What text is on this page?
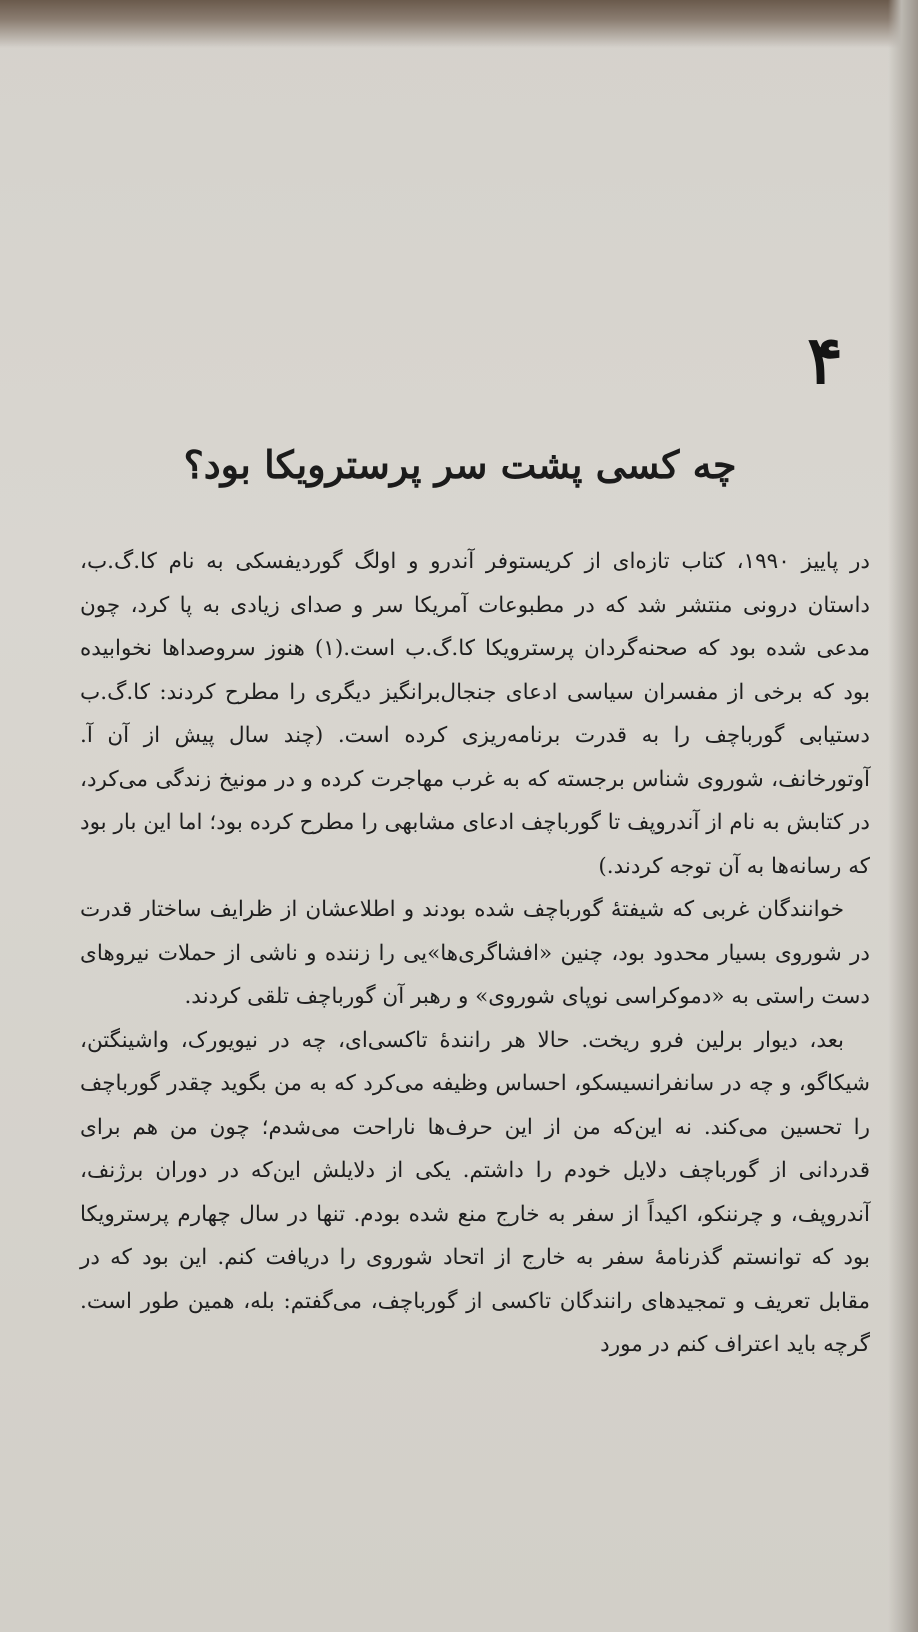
۴
چه کسی پشت سر پرسترویکا بود؟

در پاییز ۱۹۹۰، کتاب تازه‌ای از کریستوفر آندرو و اولگ گوردیفسکی به نام کا.گ.ب، داستان درونی منتشر شد که در مطبوعات آمریکا سر و صدای زیادی به پا کرد، چون مدعی شده بود که صحنه‌گردان پرسترویکا کا.گ.ب است.(۱) هنوز سروصداها نخوابیده بود که برخی از مفسران سیاسی ادعای جنجال‌برانگیز دیگری را مطرح کردند: کا.گ.ب دستیابی گورباچف را به قدرت برنامه‌ریزی کرده است. (چند سال پیش از آن آ. آوتورخانف، شوروی شناس برجسته که به غرب مهاجرت کرده و در مونیخ زندگی می‌کرد، در کتابش به نام از آندروپف تا گورباچف ادعای مشابهی را مطرح کرده بود؛ اما این بار بود که رسانه‌ها به آن توجه کردند.)

خوانندگان غربی که شیفتهٔ گورباچف شده بودند و اطلاعشان از ظرایف ساختار قدرت در شوروی بسیار محدود بود، چنین «افشاگری‌ها»یی را زننده و ناشی از حملات نیروهای دست راستی به «دموکراسی نوپای شوروی» و رهبر آن گورباچف تلقی کردند.

بعد، دیوار برلین فرو ریخت. حالا هر رانندهٔ تاکسی‌ای، چه در نیویورک، واشینگتن، شیکاگو، و چه در سانفرانسیسکو، احساس وظیفه می‌کرد که به من بگوید چقدر گورباچف را تحسین می‌کند. نه این‌که من از این حرف‌ها ناراحت می‌شدم؛ چون من هم برای قدردانی از گورباچف دلایل خودم را داشتم. یکی از دلایلش این‌که در دوران برژنف، آندروپف، و چرننکو، اکیداً از سفر به خارج منع شده بودم. تنها در سال چهارم پرسترویکا بود که توانستم گذرنامهٔ سفر به خارج از اتحاد شوروی را دریافت کنم. این بود که در مقابل تعریف و تمجیدهای رانندگان تاکسی از گورباچف، می‌گفتم: بله، همین طور است. گرچه باید اعتراف کنم در مورد
